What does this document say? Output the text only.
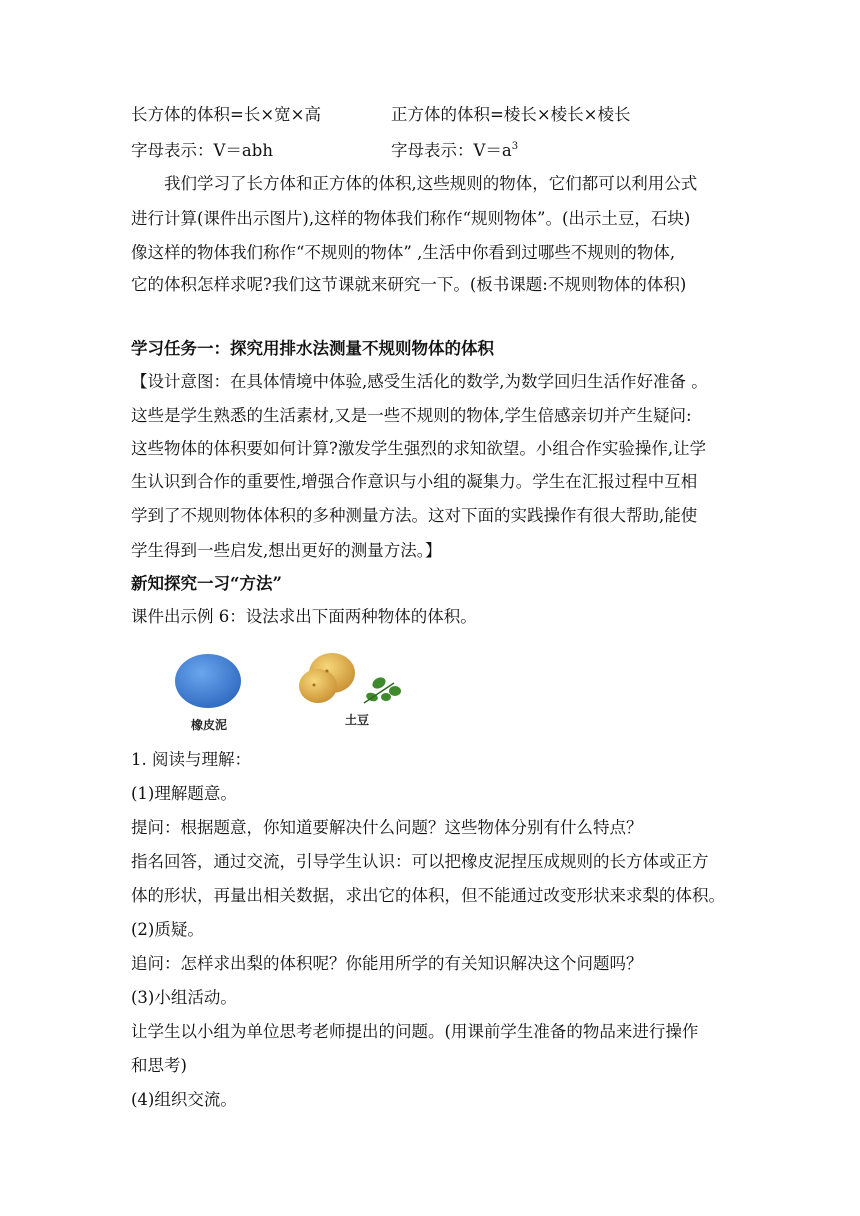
长方体的体积=长×宽×高	正方体的体积=棱长×棱长×棱长
字母表示：V＝abh	字母表示：$V=a^3$
　　我们学习了长方体和正方体的体积,这些规则的物体，它们都可以利用公式
进行计算(课件出示图片),这样的物体我们称作“规则物体”。(出示土豆，石块)
像这样的物体我们称作“不规则的物体” ,生活中你看到过哪些不规则的物体,
它的体积怎样求呢?我们这节课就来研究一下。(板书课题:不规则物体的体积)
学习任务一：探究用排水法测量不规则物体的体积
【设计意图：在具体情境中体验,感受生活化的数学,为数学回归生活作好准备 。
这些是学生熟悉的生活素材,又是一些不规则的物体,学生倍感亲切并产生疑问:
这些物体的体积要如何计算?激发学生强烈的求知欲望。小组合作实验操作,让学
生认识到合作的重要性,增强合作意识与小组的凝集力。学生在汇报过程中互相
学到了不规则物体体积的多种测量方法。这对下面的实践操作有很大帮助,能使
学生得到一些启发,想出更好的测量方法。】
新知探究一习“方法”
课件出示例 6：设法求出下面两种物体的体积。
橡皮泥	土豆
1. 阅读与理解：
(1)理解题意。
提问：根据题意，你知道要解决什么问题？这些物体分别有什么特点？
指名回答，通过交流，引导学生认识：可以把橡皮泥捏压成规则的长方体或正方
体的形状，再量出相关数据，求出它的体积，但不能通过改变形状来求梨的体积。
(2)质疑。
追问：怎样求出梨的体积呢？你能用所学的有关知识解决这个问题吗？
(3)小组活动。
让学生以小组为单位思考老师提出的问题。(用课前学生准备的物品来进行操作
和思考)
(4)组织交流。
